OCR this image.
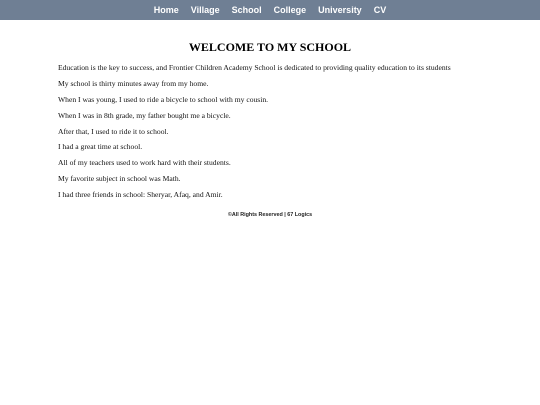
Home Village School College University CV
WELCOME TO MY SCHOOL

Education is the key to success, and Frontier Children Academy School is dedicated to providing quality education to its students

My school is thirty minutes away from my home.

When I was young, I used to ride a bicycle to school with my cousin.

When I was in 8th grade, my father bought me a bicycle.

After that, I used to ride it to school.

I had a great time at school.

All of my teachers used to work hard with their students.

My favorite subject in school was Math.

I had three friends in school: Sheryar, Afaq, and Amir.

©All Rights Reserved | 67 Logics
